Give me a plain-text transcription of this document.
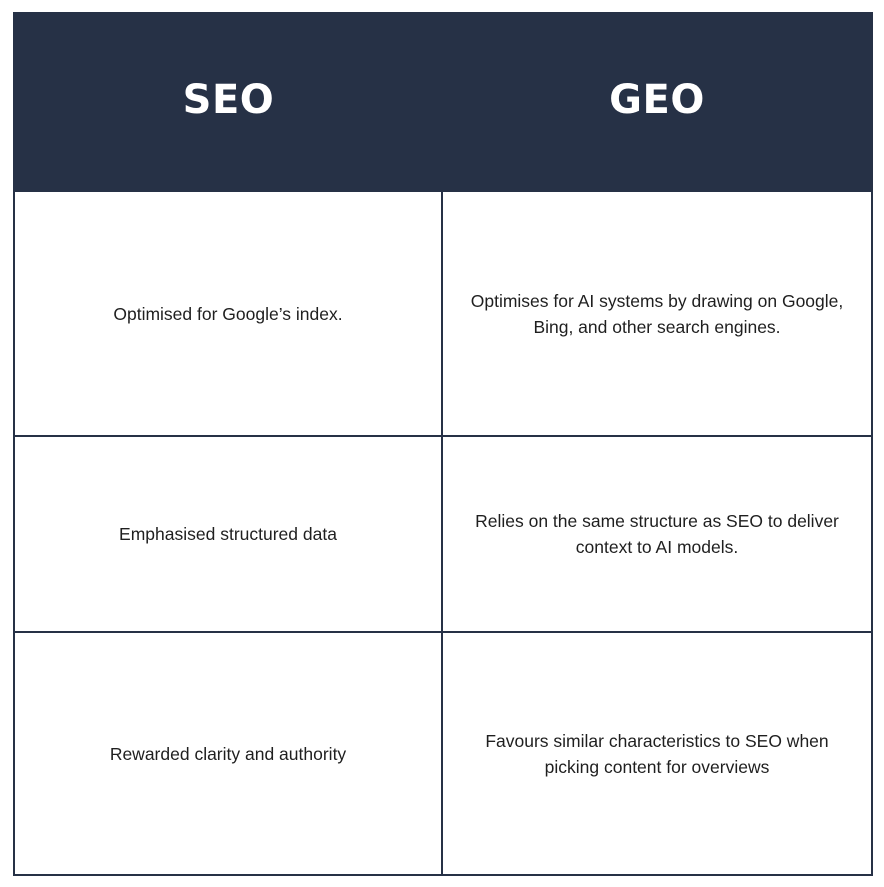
SEO	GEO
Optimised for Google’s index.
Optimises for AI systems by drawing on Google, Bing, and other search engines.
Emphasised structured data
Relies on the same structure as SEO to deliver context to AI models.
Rewarded clarity and authority
Favours similar characteristics to SEO when picking content for overviews
